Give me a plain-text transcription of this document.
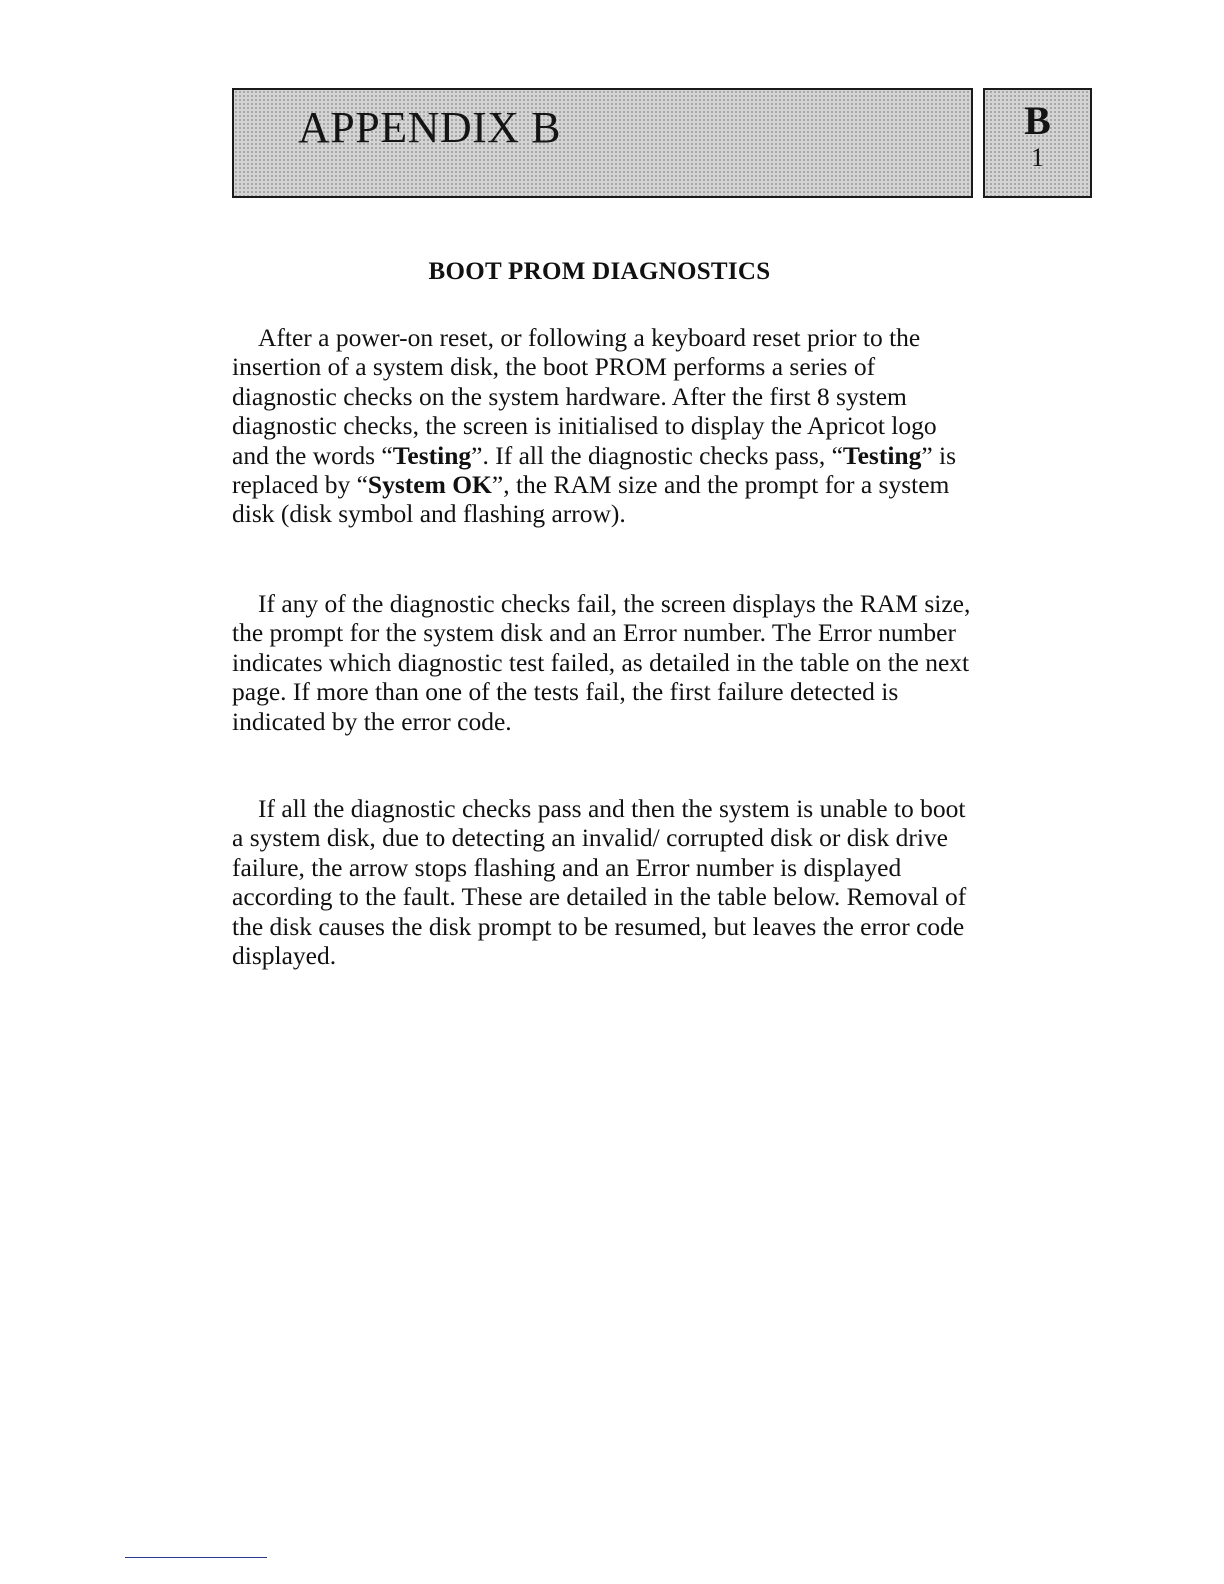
APPENDIX B	B
1
BOOT PROM DIAGNOSTICS

After a power-on reset, or following a keyboard reset prior to the insertion of a system disk, the boot PROM performs a series of diagnostic checks on the system hardware. After the first 8 system diagnostic checks, the screen is initialised to display the Apricot logo and the words “Testing”. If all the diagnostic checks pass, “Testing” is replaced by “System OK”, the RAM size and the prompt for a system disk (disk symbol and flashing arrow).

If any of the diagnostic checks fail, the screen displays the RAM size, the prompt for the system disk and an Error number. The Error number indicates which diagnostic test failed, as detailed in the table on the next page. If more than one of the tests fail, the first failure detected is indicated by the error code.

If all the diagnostic checks pass and then the system is unable to boot a system disk, due to detecting an invalid/ corrupted disk or disk drive failure, the arrow stops flashing and an Error number is displayed according to the fault. These are detailed in the table below. Removal of the disk causes the disk prompt to be resumed, but leaves the error code displayed.
